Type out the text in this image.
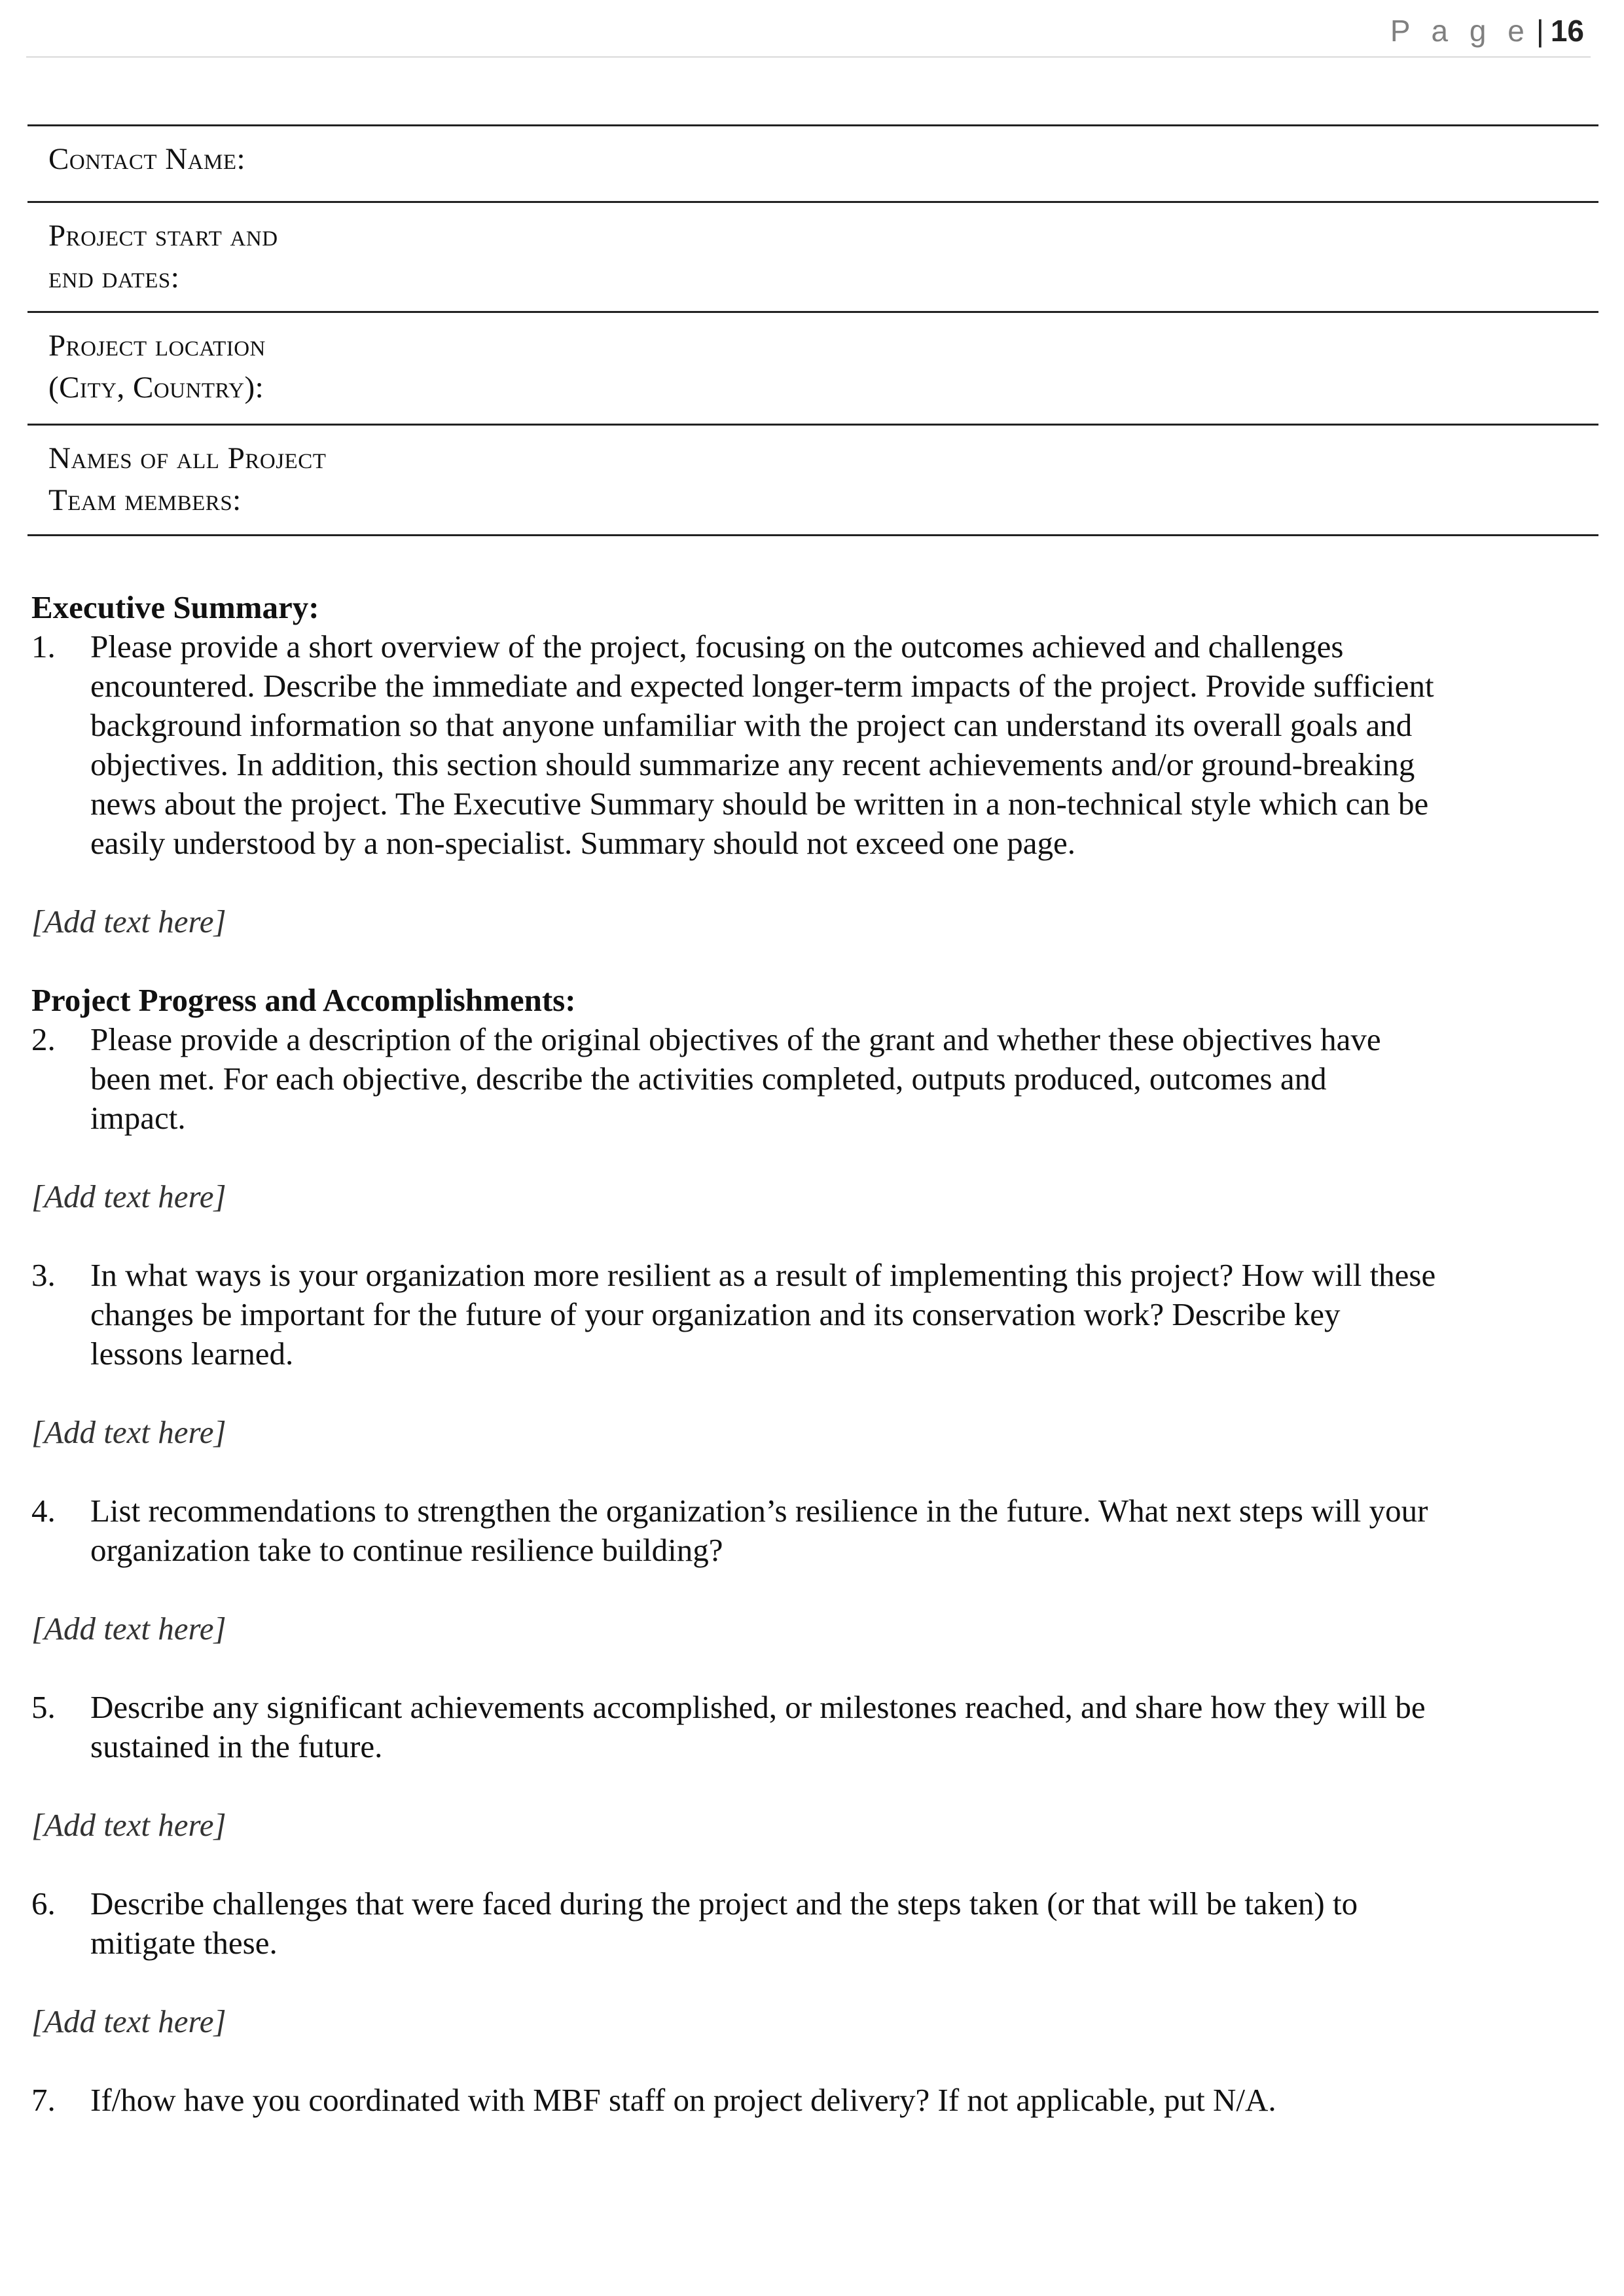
P a g e | 16
Contact Name:
Project start and
end dates:
Project location
(City, Country):
Names of all Project
Team members:

Executive Summary:

1.	Please provide a short overview of the project, focusing on the outcomes achieved and challenges
encountered. Describe the immediate and expected longer-term impacts of the project. Provide sufficient
background information so that anyone unfamiliar with the project can understand its overall goals and
objectives. In addition, this section should summarize any recent achievements and/or ground-breaking
news about the project. The Executive Summary should be written in a non-technical style which can be
easily understood by a non-specialist. Summary should not exceed one page.

[Add text here]

Project Progress and Accomplishments:

2.	Please provide a description of the original objectives of the grant and whether these objectives have
been met. For each objective, describe the activities completed, outputs produced, outcomes and
impact.

[Add text here]

3.	In what ways is your organization more resilient as a result of implementing this project? How will these
changes be important for the future of your organization and its conservation work? Describe key
lessons learned.

[Add text here]

4.	List recommendations to strengthen the organization’s resilience in the future. What next steps will your
organization take to continue resilience building?

[Add text here]

5.	Describe any significant achievements accomplished, or milestones reached, and share how they will be
sustained in the future.

[Add text here]

6.	Describe challenges that were faced during the project and the steps taken (or that will be taken) to
mitigate these.

[Add text here]

7.	If/how have you coordinated with MBF staff on project delivery? If not applicable, put N/A.
